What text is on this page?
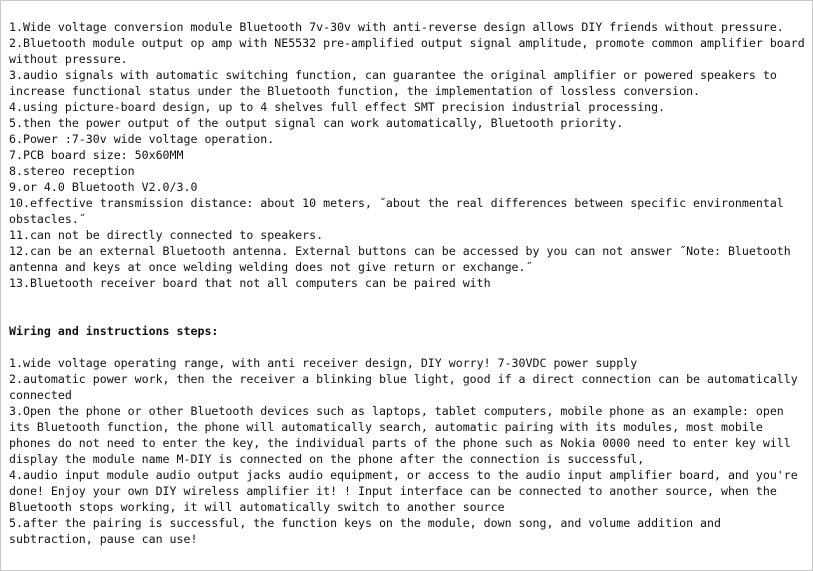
1.Wide voltage conversion module Bluetooth 7v-30v with anti-reverse design allows DIY friends without pressure.

2.Bluetooth module output op amp with NE5532 pre-amplified output signal amplitude, promote common amplifier board without pressure.

3.audio signals with automatic switching function, can guarantee the original amplifier or powered speakers to increase functional status under the Bluetooth function, the implementation of lossless conversion.

4.using picture-board design, up to 4 shelves full effect SMT precision industrial processing.

5.then the power output of the output signal can work automatically, Bluetooth priority.

6.Power :7-30v wide voltage operation.

7.PCB board size: 50x60MM

8.stereo reception

9.or 4.0 Bluetooth V2.0/3.0

10.effective transmission distance: about 10 meters, ˝about the real differences between specific environmental obstacles.˝

11.can not be directly connected to speakers.

12.can be an external Bluetooth antenna. External buttons can be accessed by you can not answer ˝Note: Bluetooth antenna and keys at once welding welding does not give return or exchange.˝

13.Bluetooth receiver board that not all computers can be paired with

Wiring and instructions steps:

1.wide voltage operating range, with anti receiver design, DIY worry! 7-30VDC power supply

2.automatic power work, then the receiver a blinking blue light, good if a direct connection can be automatically connected

3.Open the phone or other Bluetooth devices such as laptops, tablet computers, mobile phone as an example: open its Bluetooth function, the phone will automatically search, automatic pairing with its modules, most mobile phones do not need to enter the key, the individual parts of the phone such as Nokia 0000 need to enter key will display the module name M-DIY is connected on the phone after the connection is successful,

4.audio input module audio output jacks audio equipment, or access to the audio input amplifier board, and you're done! Enjoy your own DIY wireless amplifier it! ! Input interface can be connected to another source, when the Bluetooth stops working, it will automatically switch to another source

5.after the pairing is successful, the function keys on the module, down song, and volume addition and subtraction, pause can use!
